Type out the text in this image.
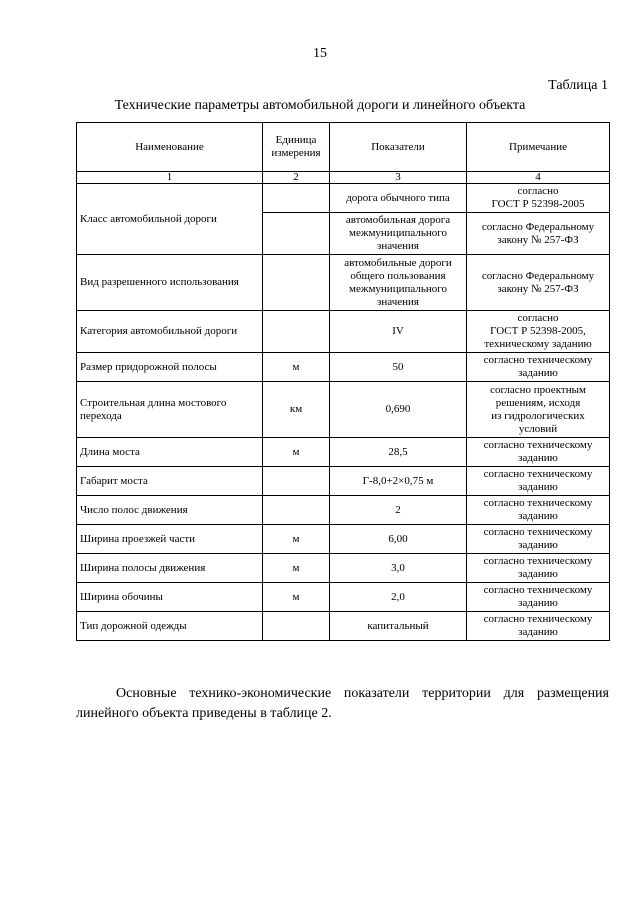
15
Таблица 1
Технические параметры автомобильной дороги и линейного объекта
Наименование	Единица измерения	Показатели	Примечание
1	2	3	4
Класс автомобильной дороги		дорога обычного типа	согласно
ГОСТ Р 52398-2005
		автомобильная дорога
межмуниципального
значения	согласно Федеральному
закону № 257-ФЗ
Вид разрешенного использования		автомобильные дороги
общего пользования
межмуниципального
значения	согласно Федеральному
закону № 257-ФЗ
Категория автомобильной дороги		IV	согласно
ГОСТ Р 52398-2005,
техническому заданию
Размер придорожной полосы	м	50	согласно техническому
заданию
Строительная длина мостового перехода	км	0,690	согласно проектным
решениям, исходя
из гидрологических
условий
Длина моста	м	28,5	согласно техническому
заданию
Габарит моста		Г-8,0+2×0,75 м	согласно техническому
заданию
Число полос движения		2	согласно техническому
заданию
Ширина проезжей части	м	6,00	согласно техническому
заданию
Ширина полосы движения	м	3,0	согласно техническому
заданию
Ширина обочины	м	2,0	согласно техническому
заданию
Тип дорожной одежды		капитальный	согласно техническому
заданию
Основные технико-экономические показатели территории для размещения линейного объекта приведены в таблице 2.
